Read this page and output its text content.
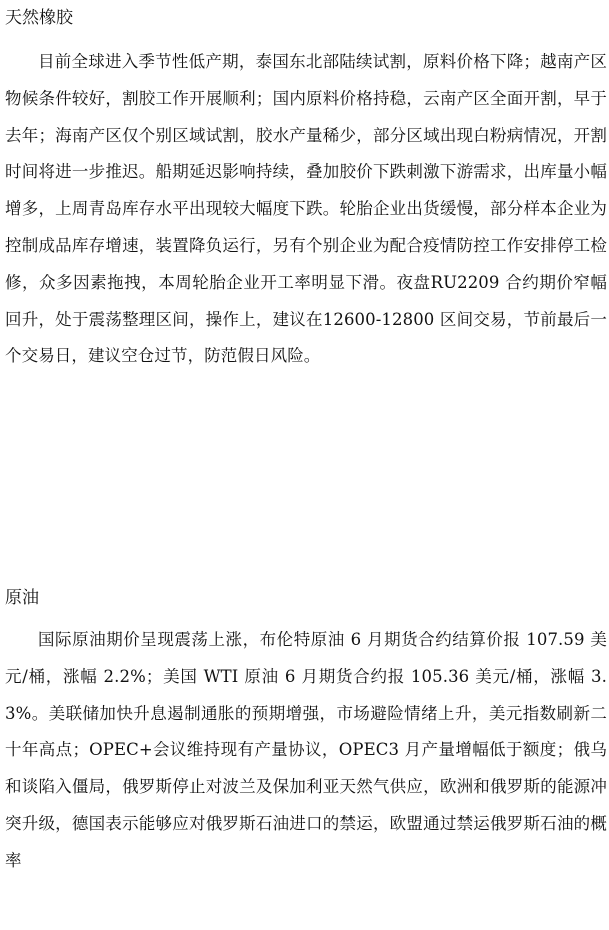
天然橡胶

目前全球进入季节性低产期，泰国东北部陆续试割，原料价格下降；越南产区物候条件较好，割胶工作开展顺利；国内原料价格持稳，云南产区全面开割，早于去年；海南产区仅个别区域试割，胶水产量稀少，部分区域出现白粉病情况，开割时间将进一步推迟。船期延迟影响持续，叠加胶价下跌刺激下游需求，出库量小幅增多，上周青岛库存水平出现较大幅度下跌。轮胎企业出货缓慢，部分样本企业为控制成品库存增速，装置降负运行，另有个别企业为配合疫情防控工作安排停工检修，众多因素拖拽，本周轮胎企业开工率明显下滑。夜盘RU2209 合约期价窄幅回升，处于震荡整理区间，操作上，建议在12600-12800 区间交易，节前最后一个交易日，建议空仓过节，防范假日风险。

原油

国际原油期价呈现震荡上涨，布伦特原油 6 月期货合约结算价报 107.59 美元/桶，涨幅 2.2%；美国 WTI 原油 6 月期货合约报 105.36 美元/桶，涨幅 3.3%。美联储加快升息遏制通胀的预期增强，市场避险情绪上升，美元指数刷新二十年高点；OPEC+会议维持现有产量协议，OPEC3 月产量增幅低于额度；俄乌和谈陷入僵局，俄罗斯停止对波兰及保加利亚天然气供应，欧洲和俄罗斯的能源冲突升级，德国表示能够应对俄罗斯石油进口的禁运，欧盟通过禁运俄罗斯石油的概率
